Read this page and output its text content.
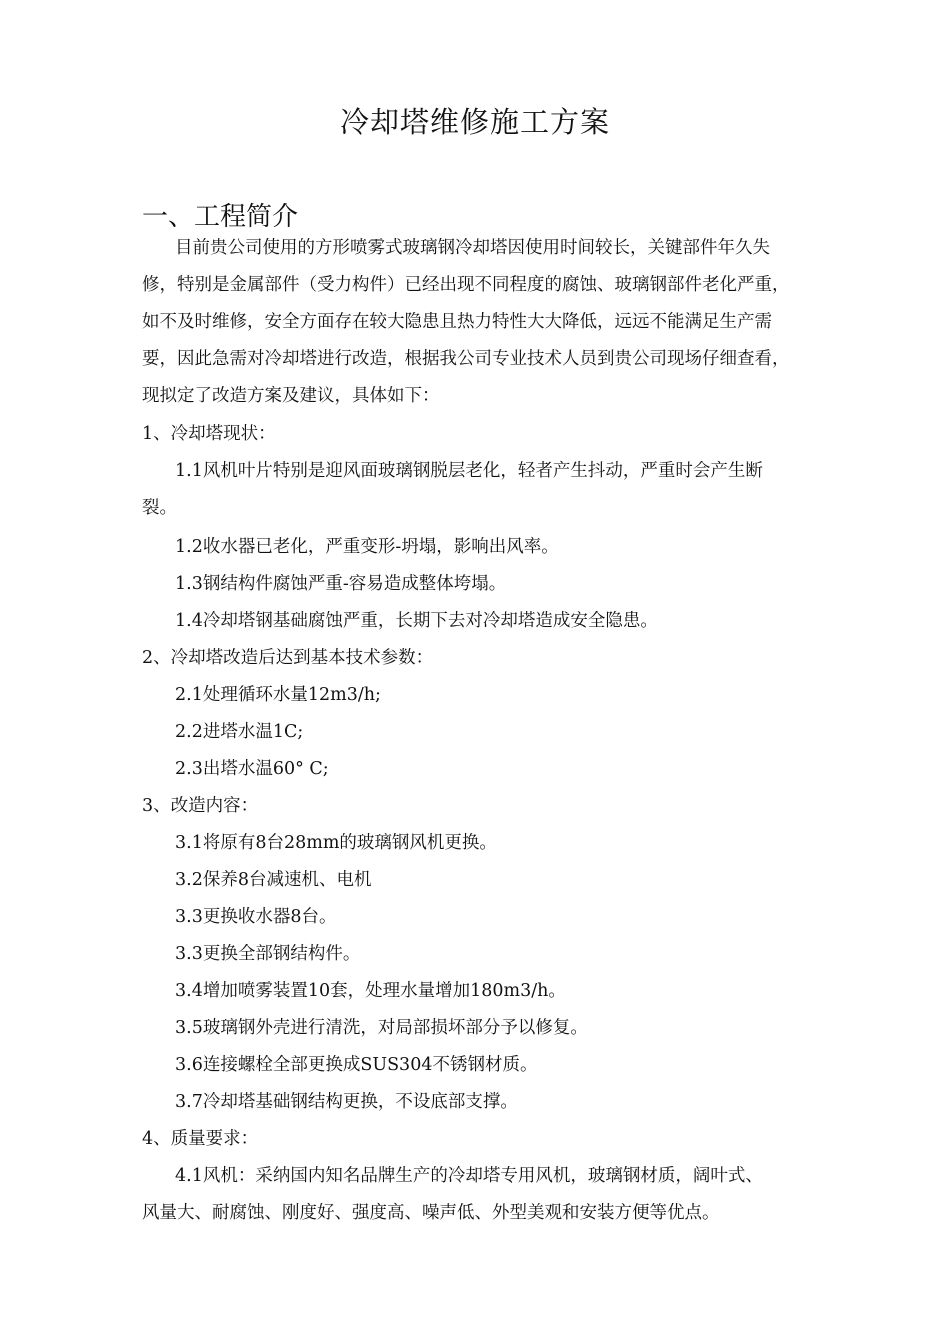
冷却塔维修施工方案
一、工程简介
目前贵公司使用的方形喷雾式玻璃钢冷却塔因使用时间较长，关键部件年久失
修，特别是金属部件（受力构件）已经出现不同程度的腐蚀、玻璃钢部件老化严重，
如不及时维修，安全方面存在较大隐患且热力特性大大降低，远远不能满足生产需
要，因此急需对冷却塔进行改造，根据我公司专业技术人员到贵公司现场仔细查看，
现拟定了改造方案及建议，具体如下：
1、冷却塔现状：
1.1风机叶片特别是迎风面玻璃钢脱层老化，轻者产生抖动，严重时会产生断
裂。
1.2收水器已老化，严重变形-坍塌，影响出风率。
1.3钢结构件腐蚀严重-容易造成整体垮塌。
1.4冷却塔钢基础腐蚀严重，长期下去对冷却塔造成安全隐患。
2、冷却塔改造后达到基本技术参数：
2.1处理循环水量12m3/h;
2.2进塔水温1C;
2.3出塔水温60° C;
3、改造内容：
3.1将原有8台28mm的玻璃钢风机更换。
3.2保养8台减速机、电机
3.3更换收水器8台。
3.3更换全部钢结构件。
3.4增加喷雾装置10套，处理水量增加180m3/h。
3.5玻璃钢外壳进行清洗，对局部损坏部分予以修复。
3.6连接螺栓全部更换成SUS304不锈钢材质。
3.7冷却塔基础钢结构更换，不设底部支撑。
4、质量要求：
4.1风机：采纳国内知名品牌生产的冷却塔专用风机，玻璃钢材质，阔叶式、
风量大、耐腐蚀、刚度好、强度高、噪声低、外型美观和安装方便等优点。
